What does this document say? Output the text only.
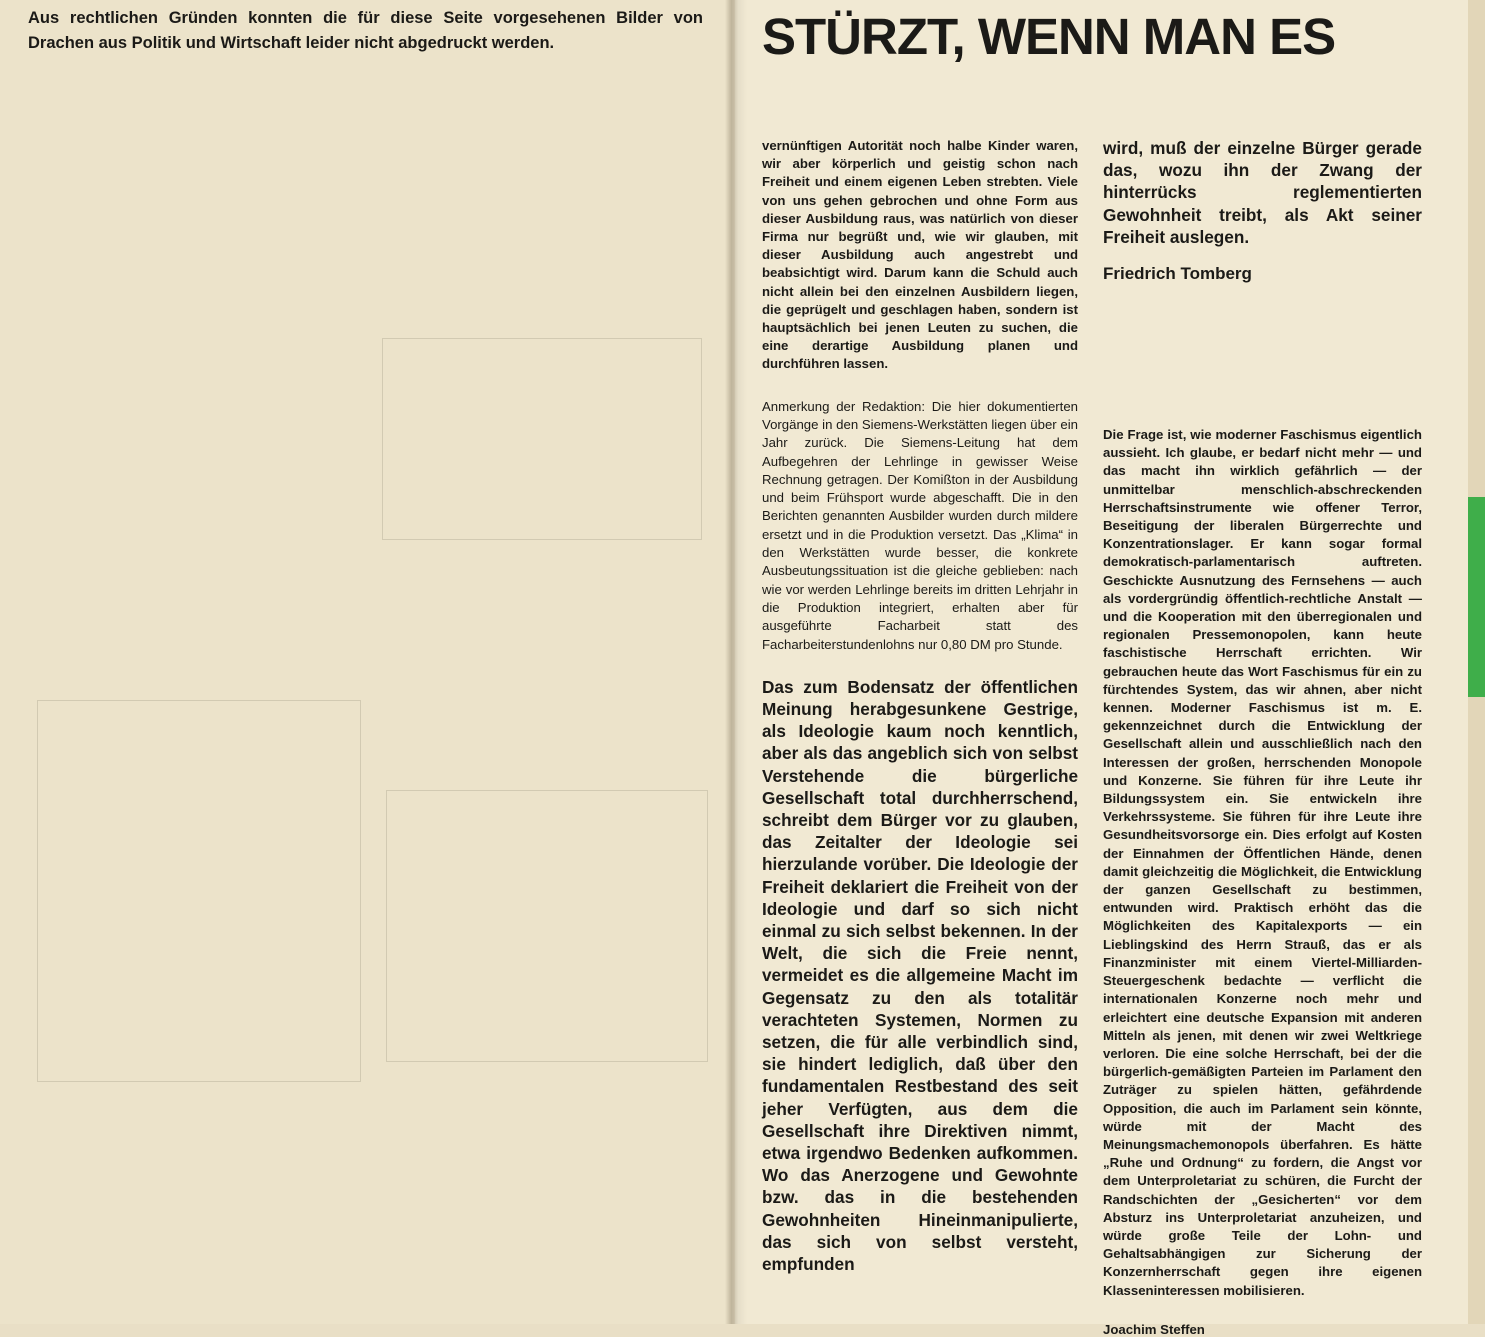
Aus rechtlichen Gründen konnten die für diese Seite vorgesehenen Bilder von Drachen aus Politik und Wirtschaft leider nicht abgedruckt werden.	STÜRZT, WENN MAN ES

vernünftigen Autorität noch halbe Kinder waren, wir aber körperlich und geistig schon nach Freiheit und einem eigenen Leben strebten. Viele von uns gehen gebrochen und ohne Form aus dieser Ausbildung raus, was natürlich von dieser Firma nur begrüßt und, wie wir glauben, mit dieser Ausbildung auch angestrebt und beabsichtigt wird. Darum kann die Schuld auch nicht allein bei den einzelnen Ausbildern liegen, die geprügelt und geschlagen haben, sondern ist hauptsächlich bei jenen Leuten zu suchen, die eine derartige Ausbildung planen und durchführen lassen.

Anmerkung der Redaktion: Die hier dokumentierten Vorgänge in den Siemens-Werkstätten liegen über ein Jahr zurück. Die Siemens-Leitung hat dem Aufbegehren der Lehrlinge in gewisser Weise Rechnung getragen. Der Komißton in der Ausbildung und beim Frühsport wurde abgeschafft. Die in den Berichten genannten Ausbilder wurden durch mildere ersetzt und in die Produktion versetzt. Das „Klima“ in den Werkstätten wurde besser, die konkrete Ausbeutungssituation ist die gleiche geblieben: nach wie vor werden Lehrlinge bereits im dritten Lehrjahr in die Produktion integriert, erhalten aber für ausgeführte Facharbeit statt des Facharbeiterstundenlohns nur 0,80 DM pro Stunde.

Das zum Bodensatz der öffentlichen Meinung herabgesunkene Gestrige, als Ideologie kaum noch kenntlich, aber als das angeblich sich von selbst Verstehende die bürgerliche Gesellschaft total durchherrschend, schreibt dem Bürger vor zu glauben, das Zeitalter der Ideologie sei hierzulande vorüber. Die Ideologie der Freiheit deklariert die Freiheit von der Ideologie und darf so sich nicht einmal zu sich selbst bekennen. In der Welt, die sich die Freie nennt, vermeidet es die allgemeine Macht im Gegensatz zu den als totalitär verachteten Systemen, Normen zu setzen, die für alle verbindlich sind, sie hindert lediglich, daß über den fundamentalen Restbestand des seit jeher Verfügten, aus dem die Gesellschaft ihre Direktiven nimmt, etwa irgendwo Bedenken aufkommen. Wo das Anerzogene und Gewohnte bzw. das in die bestehenden Gewohnheiten Hineinmanipulierte, das sich von selbst versteht, empfunden

wird, muß der einzelne Bürger gerade das, wozu ihn der Zwang der hinterrücks reglementierten Gewohnheit treibt, als Akt seiner Freiheit auslegen.

Friedrich Tomberg

Die Frage ist, wie moderner Faschismus eigentlich aussieht. Ich glaube, er bedarf nicht mehr — und das macht ihn wirklich gefährlich — der unmittelbar menschlich-abschreckenden Herrschaftsinstrumente wie offener Terror, Beseitigung der liberalen Bürgerrechte und Konzentrationslager. Er kann sogar formal demokratisch-parlamentarisch auftreten. Geschickte Ausnutzung des Fernsehens — auch als vordergründig öffentlich-rechtliche Anstalt — und die Kooperation mit den überregionalen und regionalen Pressemonopolen, kann heute faschistische Herrschaft errichten. Wir gebrauchen heute das Wort Faschismus für ein zu fürchtendes System, das wir ahnen, aber nicht kennen. Moderner Faschismus ist m. E. gekennzeichnet durch die Entwicklung der Gesellschaft allein und ausschließlich nach den Interessen der großen, herrschenden Monopole und Konzerne. Sie führen für ihre Leute ihr Bildungssystem ein. Sie entwickeln ihre Verkehrssysteme. Sie führen für ihre Leute ihre Gesundheitsvorsorge ein. Dies erfolgt auf Kosten der Einnahmen der Öffentlichen Hände, denen damit gleichzeitig die Möglichkeit, die Entwicklung der ganzen Gesellschaft zu bestimmen, entwunden wird. Praktisch erhöht das die Möglichkeiten des Kapitalexports — ein Lieblingskind des Herrn Strauß, das er als Finanzminister mit einem Viertel-Milliarden-Steuergeschenk bedachte — verflicht die internationalen Konzerne noch mehr und erleichtert eine deutsche Expansion mit anderen Mitteln als jenen, mit denen wir zwei Weltkriege verloren. Die eine solche Herrschaft, bei der die bürgerlich-gemäßigten Parteien im Parlament den Zuträger zu spielen hätten, gefährdende Opposition, die auch im Parlament sein könnte, würde mit der Macht des Meinungsmachemonopols überfahren. Es hätte „Ruhe und Ordnung“ zu fordern, die Angst vor dem Unterproletariat zu schüren, die Furcht der Randschichten der „Gesicherten“ vor dem Absturz ins Unterproletariat anzuheizen, und würde große Teile der Lohn- und Gehaltsabhängigen zur Sicherung der Konzernherrschaft gegen ihre eigenen Klasseninteressen mobilisieren.

Joachim Steffen
